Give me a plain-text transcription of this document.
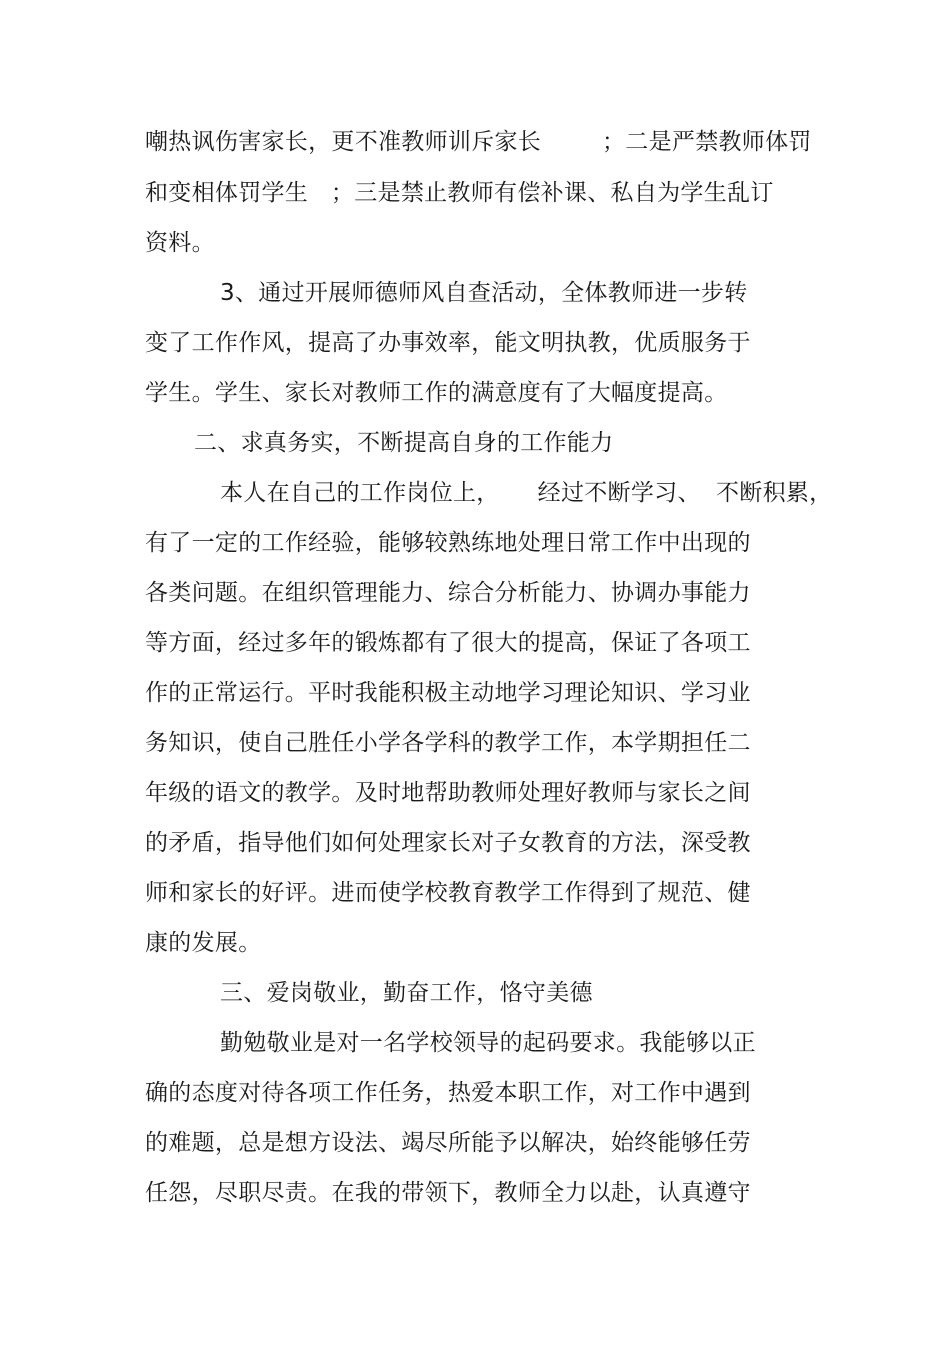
嘲热讽伤害家长，更不准教师训斥家长        ；二是严禁教师体罚
和变相体罚学生   ；三是禁止教师有偿补课、私自为学生乱订
资料。
3、通过开展师德师风自查活动，全体教师进一步转
变了工作作风，提高了办事效率，能文明执教，优质服务于
学生。学生、家长对教师工作的满意度有了大幅度提高。
二、求真务实，不断提高自身的工作能力
本人在自己的工作岗位上，     经过不断学习、  不断积累，
有了一定的工作经验，能够较熟练地处理日常工作中出现的
各类问题。在组织管理能力、综合分析能力、协调办事能力
等方面，经过多年的锻炼都有了很大的提高，保证了各项工
作的正常运行。平时我能积极主动地学习理论知识、学习业
务知识，使自己胜任小学各学科的教学工作，本学期担任二
年级的语文的教学。及时地帮助教师处理好教师与家长之间
的矛盾，指导他们如何处理家长对子女教育的方法，深受教
师和家长的好评。进而使学校教育教学工作得到了规范、健
康的发展。
三、爱岗敬业，勤奋工作，恪守美德
勤勉敬业是对一名学校领导的起码要求。我能够以正
确的态度对待各项工作任务，热爱本职工作，对工作中遇到
的难题，总是想方设法、竭尽所能予以解决，始终能够任劳
任怨，尽职尽责。在我的带领下，教师全力以赴，认真遵守
